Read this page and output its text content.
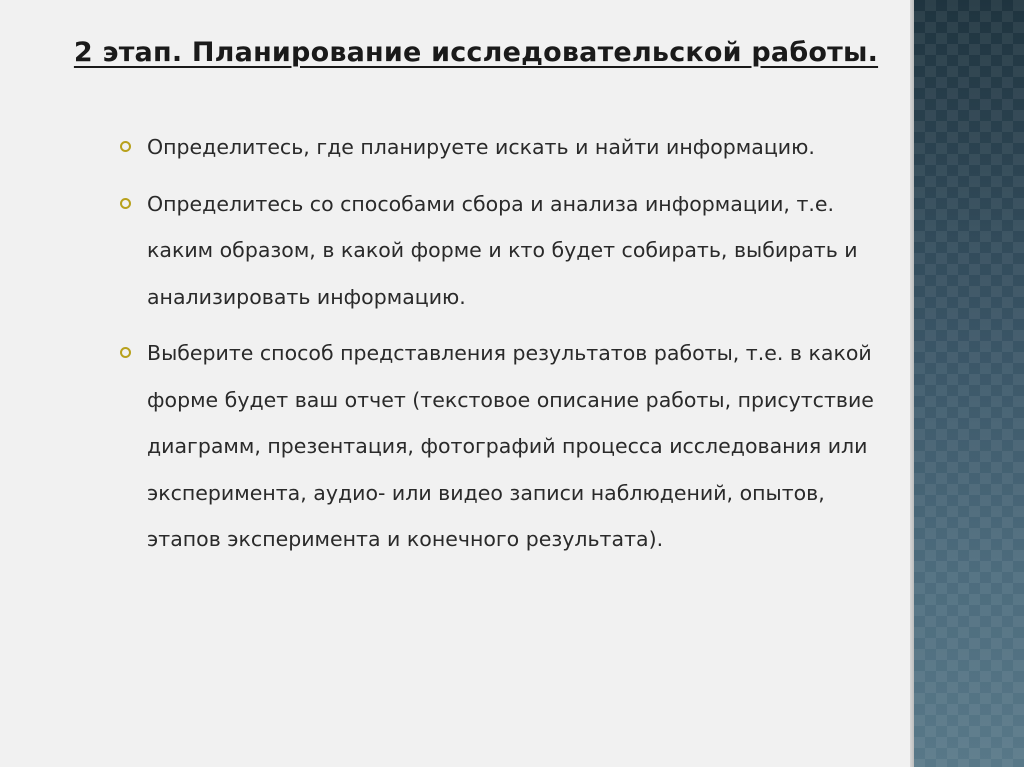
2 этап. Планирование исследовательской работы.
Определитесь, где планируете искать и найти информацию.
Определитесь со способами сбора и анализа информации, т.е. каким образом, в какой форме и кто будет собирать, выбирать и анализировать информацию.
Выберите способ представления результатов работы, т.е. в какой форме будет ваш отчет (текстовое описание работы, присутствие диаграмм, презентация, фотографий процесса исследования или эксперимента, аудио- или видео записи наблюдений, опытов, этапов эксперимента и конечного результата).
